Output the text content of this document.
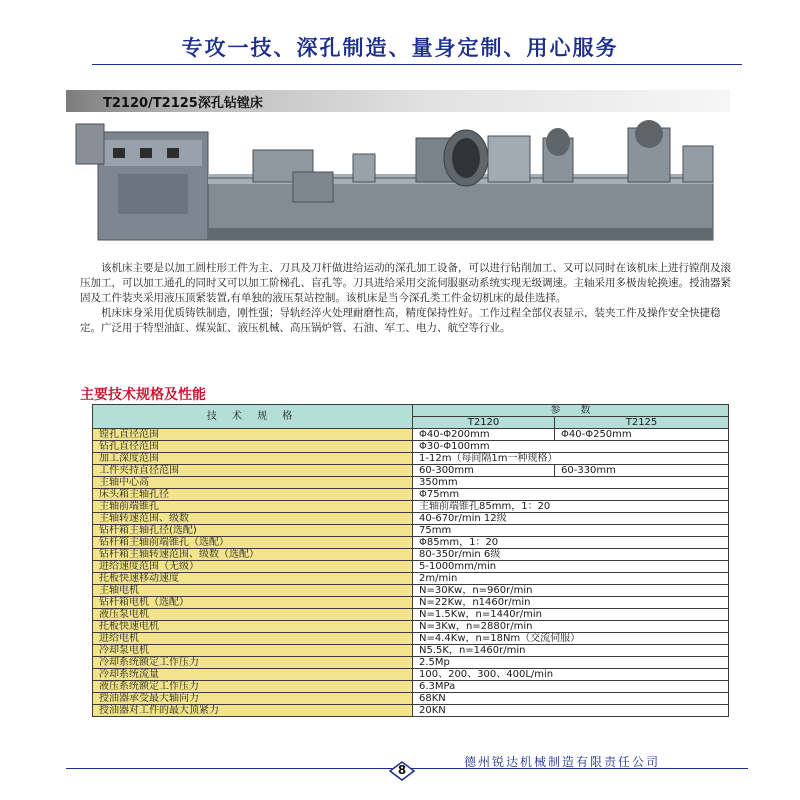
专攻一技、深孔制造、量身定制、用心服务
T2120/T2125深孔钻镗床

该机床主要是以加工圆柱形工件为主、刀具及刀杆做进给运动的深孔加工设备，可以进行钻削加工、又可以同时在该机床上进行镗削及滚压加工，可以加工通孔的同时又可以加工阶梯孔、盲孔等。刀具进给采用交流伺服驱动系统实现无级调速。主轴采用多极齿轮换速。授油器紧固及工件装夹采用液压顶紧装置,有单独的液压泵站控制。该机床是当今深孔类工件金切机床的最佳选择。

机床床身采用优质铸铁制造，刚性强；导轨经淬火处理耐磨性高，精度保持性好。工作过程全部仪表显示，装夹工件及操作安全快捷稳定。广泛用于特型油缸、煤炭缸、液压机械、高压锅炉管、石油、军工、电力、航空等行业。

主要技术规格及性能
技 术 规 格	参　　数	
	T2120	T2125
镗孔直径范围	Φ40-Φ200mm	Φ40-Φ250mm
钻孔直径范围	Φ30-Φ100mm	
加工深度范围	1-12m（每间隔1m一种规格）	
工件夹持直径范围	60-300mm	60-330mm
主轴中心高	350mm	
床头箱主轴孔径	Φ75mm	
主轴前端锥孔	主轴前端锥孔85mm，1：20	
主轴转速范围、级数	40-670r/min 12级	
钻杆箱主轴孔径(选配)	75mm	
钻杆箱主轴前端锥孔（选配）	Φ85mm，1：20	
钻杆箱主轴转速范围、级数（选配）	80-350r/min 6级	
进给速度范围（无级）	5-1000mm/min	
托板快速移动速度	2m/min	
主轴电机	N=30Kw，n=960r/min	
钻杆箱电机（选配）	N=22Kw，n1460r/min	
液压泵电机	N=1.5Kw，n=1440r/min	
托板快速电机	N=3Kw，n=2880r/min	
进给电机	N=4.4Kw，n=18Nm（交流伺服）	
冷却泵电机	N5.5K，n=1460r/min	
冷却系统额定工作压力	2.5Mp	
冷却系统流量	100、200、300、400L/min	
液压系统额定工作压力	6.3MPa	
授油器承受最大轴向力	68KN	
授油器对工件的最大顶紧力	20KN	
8
德州锐达机械制造有限责任公司
